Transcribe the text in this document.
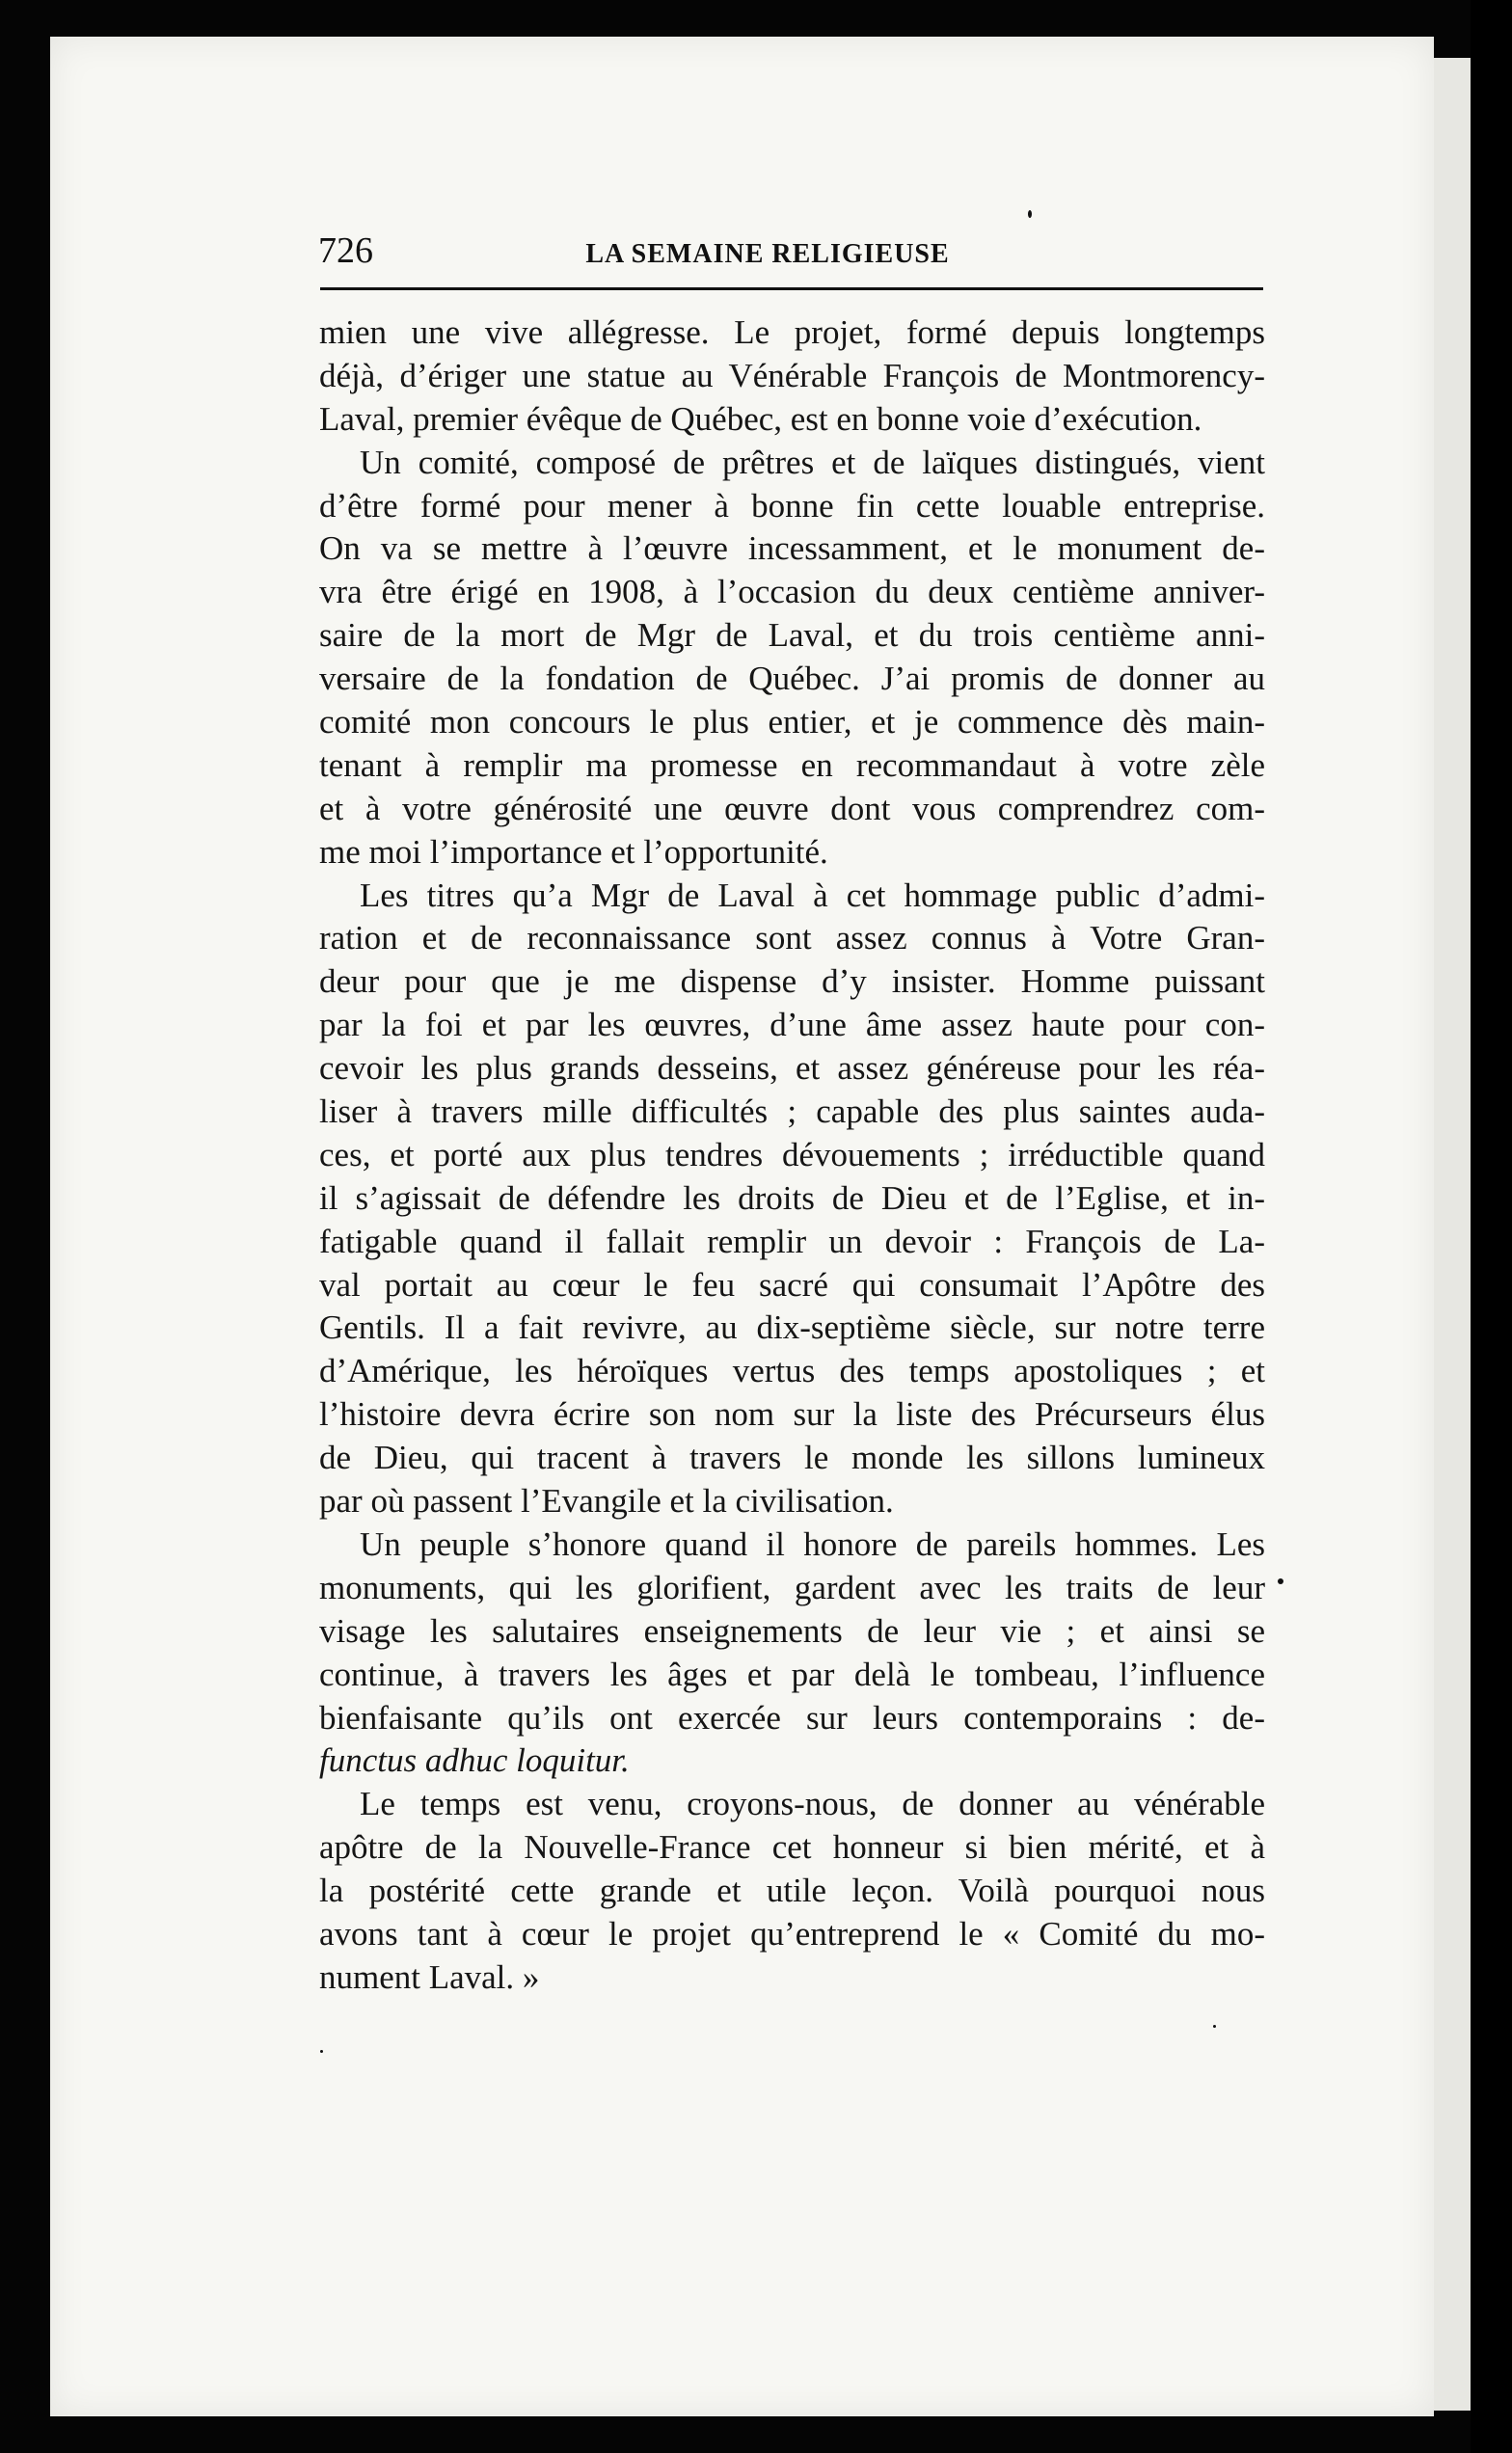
726	LA SEMAINE RELIGIEUSE
mien une vive allégresse. Le projet, formé depuis longtemps
déjà, d’ériger une statue au Vénérable François de Montmorency-
Laval, premier évêque de Québec, est en bonne voie d’exécution.
Un comité, composé de prêtres et de laïques distingués, vient
d’être formé pour mener à bonne fin cette louable entreprise.
On va se mettre à l’œuvre incessamment, et le monument de-
vra être érigé en 1908, à l’occasion du deux centième anniver-
saire de la mort de Mgr de Laval, et du trois centième anni-
versaire de la fondation de Québec. J’ai promis de donner au
comité mon concours le plus entier, et je commence dès main-
tenant à remplir ma promesse en recommandaut à votre zèle
et à votre générosité une œuvre dont vous comprendrez com-
me moi l’importance et l’opportunité.
Les titres qu’a Mgr de Laval à cet hommage public d’admi-
ration et de reconnaissance sont assez connus à Votre Gran-
deur pour que je me dispense d’y insister. Homme puissant
par la foi et par les œuvres, d’une âme assez haute pour con-
cevoir les plus grands desseins, et assez généreuse pour les réa-
liser à travers mille difficultés ; capable des plus saintes auda-
ces, et porté aux plus tendres dévouements ; irréductible quand
il s’agissait de défendre les droits de Dieu et de l’Eglise, et in-
fatigable quand il fallait remplir un devoir : François de La-
val portait au cœur le feu sacré qui consumait l’Apôtre des
Gentils. Il a fait revivre, au dix-septième siècle, sur notre terre
d’Amérique, les héroïques vertus des temps apostoliques ; et
l’histoire devra écrire son nom sur la liste des Précurseurs élus
de Dieu, qui tracent à travers le monde les sillons lumineux
par où passent l’Evangile et la civilisation.
Un peuple s’honore quand il honore de pareils hommes. Les
monuments, qui les glorifient, gardent avec les traits de leur
visage les salutaires enseignements de leur vie ; et ainsi se
continue, à travers les âges et par delà le tombeau, l’influence
bienfaisante qu’ils ont exercée sur leurs contemporains : de-
functus adhuc loquitur.
Le temps est venu, croyons-nous, de donner au vénérable
apôtre de la Nouvelle-France cet honneur si bien mérité, et à
la postérité cette grande et utile leçon. Voilà pourquoi nous
avons tant à cœur le projet qu’entreprend le « Comité du mo-
nument Laval. »
